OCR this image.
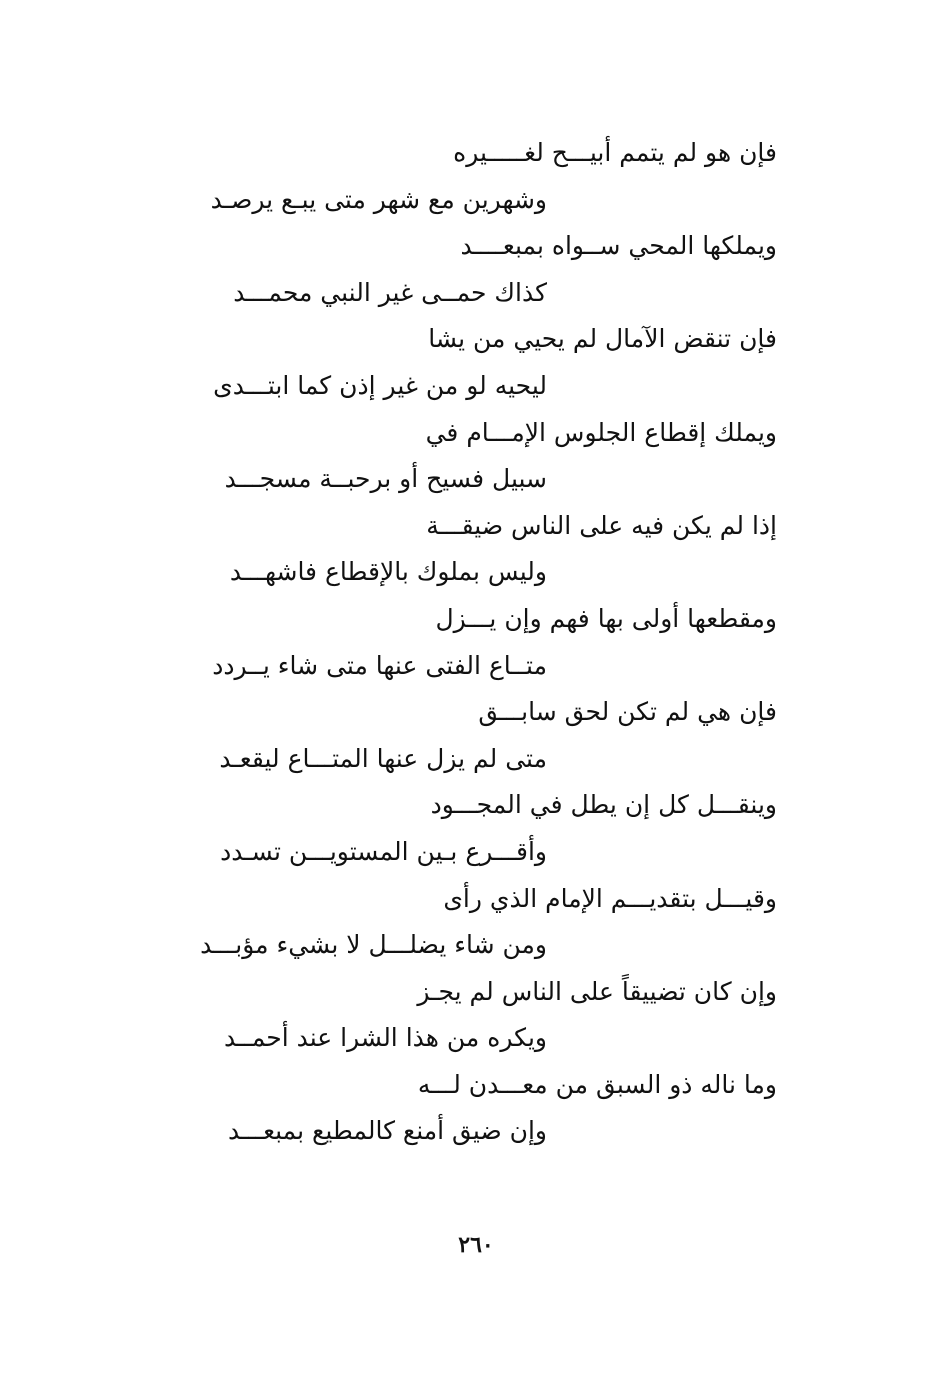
فإن هو لم يتمم أبيـــح لغـــــيره
وشهرين مع شهر متى يبـع يرصـد
ويملكها المحي ســواه بمبعــــد
كذاك حمــى غير النبي محمـــد
فإن تنقض الآمال لم يحيي من يشا
ليحيه لو من غير إذن كما ابتـــدى
ويملك إقطاع الجلوس الإمـــام في
سبيل فسيح أو برحبــة مسجـــد
إذا لم يكن فيه على الناس ضيقـــة
وليس بملوك بالإقطاع فاشهـــد
ومقطعها أولى بها فهم وإن يـــزل
متــاع الفتى عنها متى شاء يــردد
فإن هي لم تكن لحق سابـــق
متى لم يزل عنها المتـــاع ليقعـد
وينقـــل كل إن يطل في المجـــود
وأقـــرع بـين المستويـــن تسـدد
وقيـــل بتقديـــم الإمام الذي رأى
ومن شاء يضلـــل لا بشيء مؤبـــد
وإن كان تضييقاً على الناس لم يجـز
ويكره من هذا الشرا عند أحمــد
وما ناله ذو السبق من معـــدن لـــه
وإن ضيق أمنع كالمطيع بمبعـــد
٢٦٠
